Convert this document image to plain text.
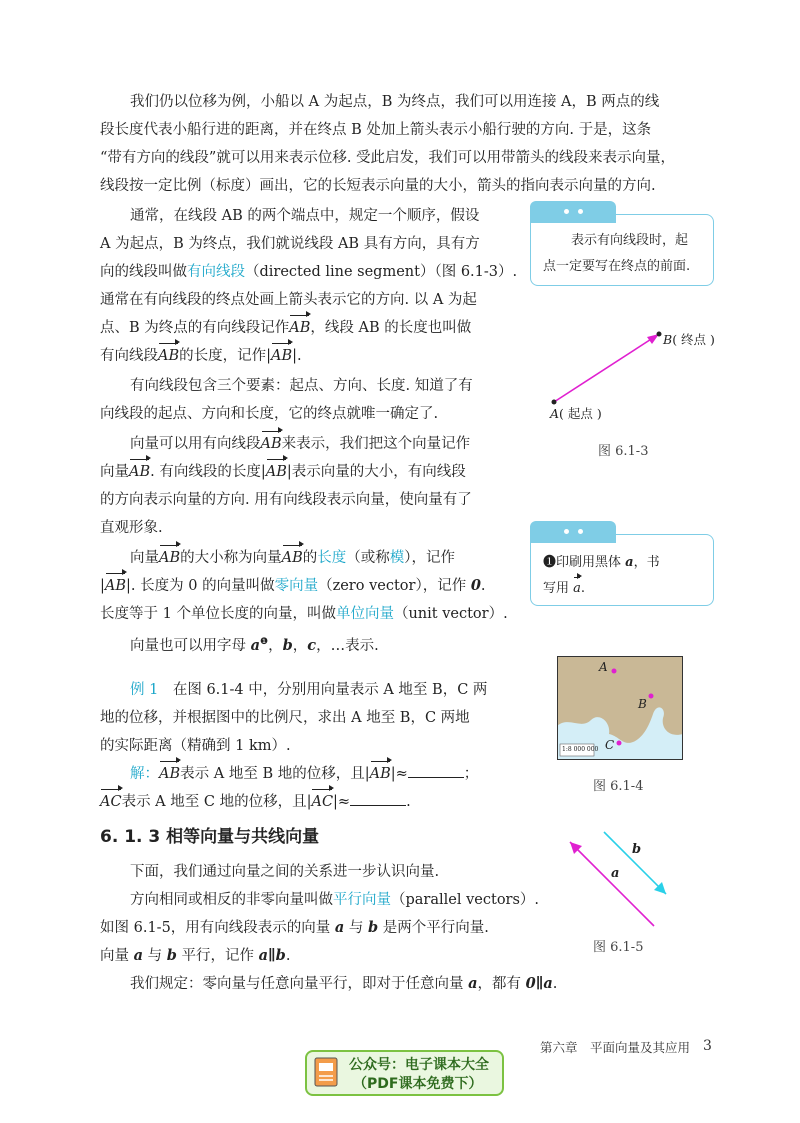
我们仍以位移为例，小船以 A 为起点，B 为终点，我们可以用连接 A，B 两点的线

段长度代表小船行进的距离，并在终点 B 处加上箭头表示小船行驶的方向. 于是，这条

“带有方向的线段”就可以用来表示位移. 受此启发，我们可以用带箭头的线段来表示向量，

线段按一定比例（标度）画出，它的长短表示向量的大小，箭头的指向表示向量的方向.

通常，在线段 AB 的两个端点中，规定一个顺序，假设

A 为起点，B 为终点，我们就说线段 AB 具有方向，具有方

向的线段叫做有向线段（directed line segment）（图 6.1-3）.

通常在有向线段的终点处画上箭头表示它的方向. 以 A 为起

点、B 为终点的有向线段记作AB，线段 AB 的长度也叫做

有向线段AB的长度，记作|AB|.

有向线段包含三个要素：起点、方向、长度. 知道了有

向线段的起点、方向和长度，它的终点就唯一确定了.

向量可以用有向线段AB来表示，我们把这个向量记作

向量AB. 有向线段的长度|AB|表示向量的大小，有向线段

的方向表示向量的方向. 用有向线段表示向量，使向量有了

直观形象.

向量AB的大小称为向量AB的长度（或称模），记作

|AB|. 长度为 0 的向量叫做零向量（zero vector），记作 0.

长度等于 1 个单位长度的向量，叫做单位向量（unit vector）.

向量也可以用字母 $a^❶$，b，c，…表示.

例 1　 在图 6.1-4 中，分别用向量表示 A 地至 B，C 两

地的位移，并根据图中的比例尺，求出 A 地至 B，C 两地

的实际距离（精确到 1 km）.

解：AB表示 A 地至 B 地的位移，且|AB|≈	；

AC表示 A 地至 C 地的位移，且|AC|≈	.

6. 1. 3 相等向量与共线向量

下面，我们通过向量之间的关系进一步认识向量.

方向相同或相反的非零向量叫做平行向量（parallel vectors）.

如图 6.1-5，用有向线段表示的向量 a 与 b 是两个平行向量.

向量 a 与 b 平行，记作 a∥b.

我们规定：零向量与任意向量平行，即对于任意向量 a，都有 0∥a.

表示有向线段时，起
点一定要写在终点的前面.
❶印刷用黑体 a，书
写用 a.
B( 终点 )
A( 起点 )
图 6.1-3
A
B
C
1:8 000 000
图 6.1-4
a
b
图 6.1-5
第六章　平面向量及其应用 3
公众号：电子课本大全
（PDF课本免费下）
